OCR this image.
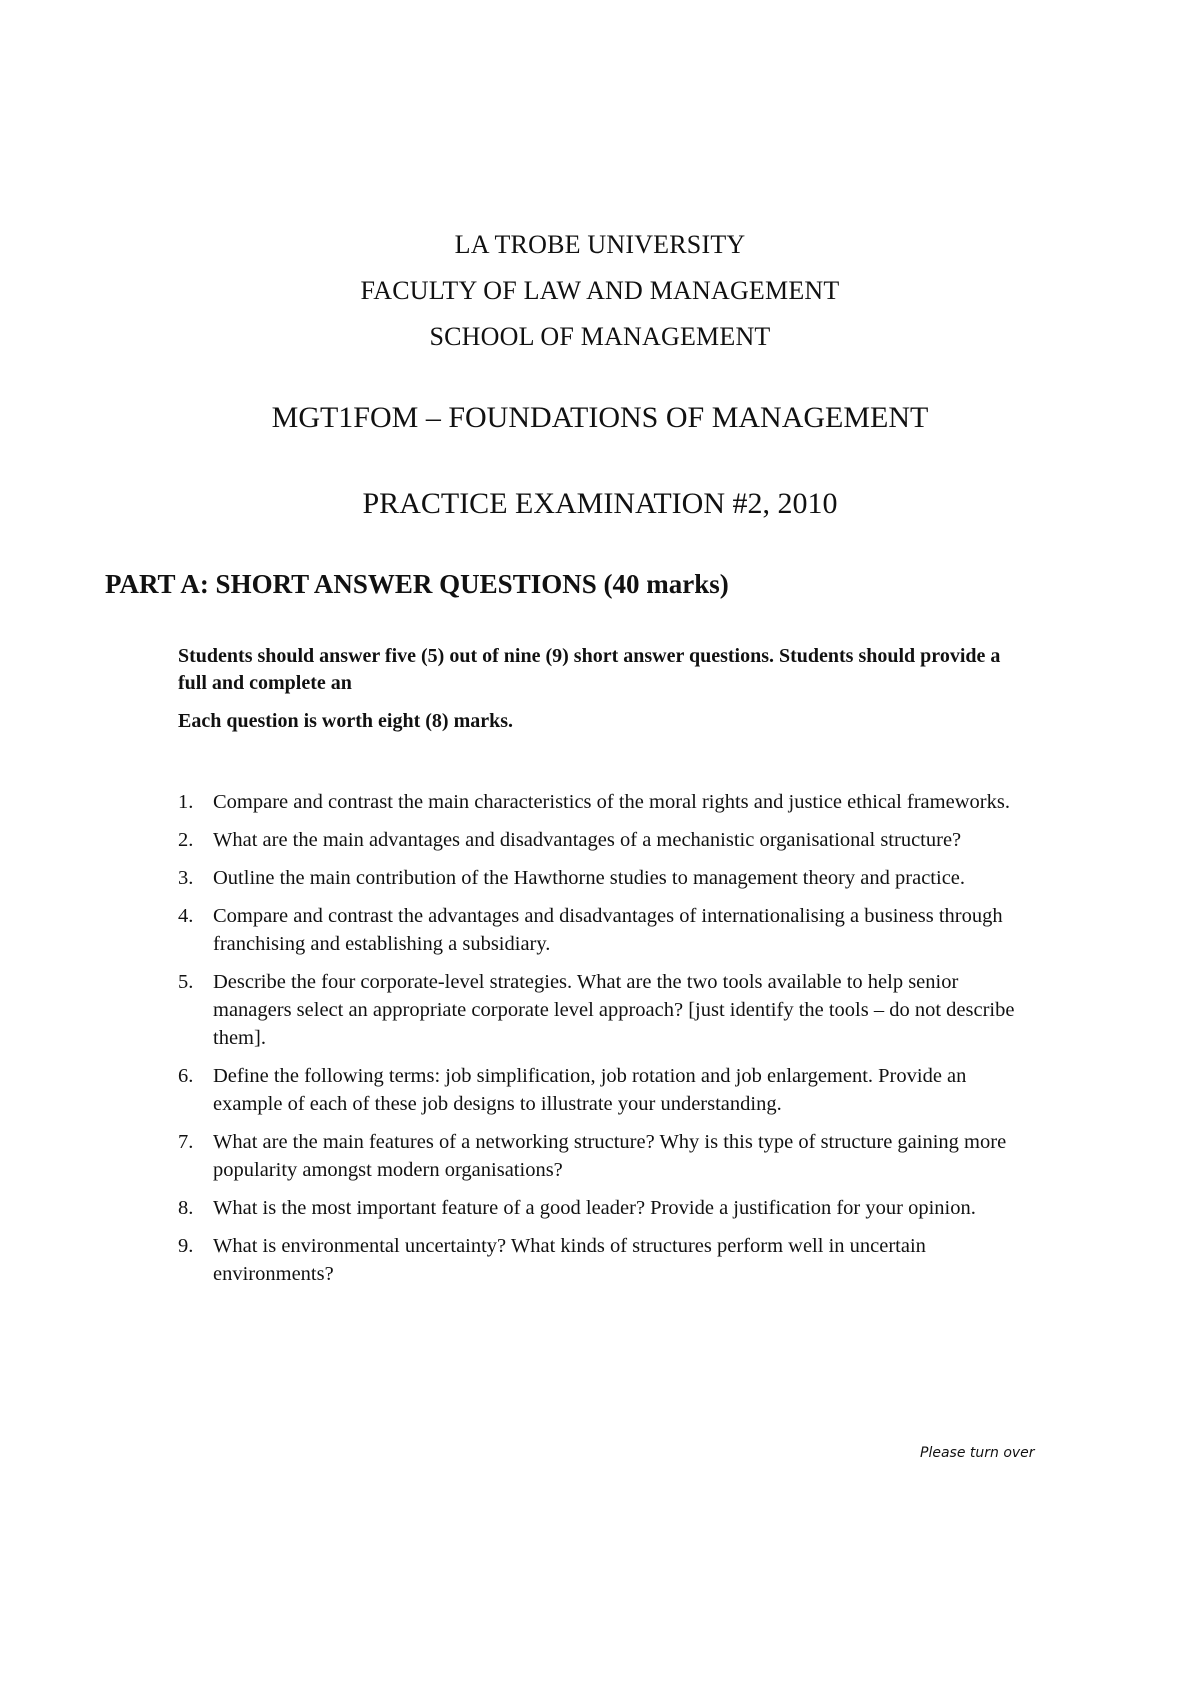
LA TROBE UNIVERSITY
FACULTY OF LAW AND MANAGEMENT
SCHOOL OF MANAGEMENT
MGT1FOM – FOUNDATIONS OF MANAGEMENT
PRACTICE EXAMINATION #2, 2010
PART A: SHORT ANSWER QUESTIONS (40 marks)

Students should answer five (5) out of nine (9) short answer questions. Students should provide a full and complete an

Each question is worth eight (8) marks.

1. Compare and contrast the main characteristics of the moral rights and justice ethical frameworks.
2. What are the main advantages and disadvantages of a mechanistic organisational structure?
3. Outline the main contribution of the Hawthorne studies to management theory and practice.
4. Compare and contrast the advantages and disadvantages of internationalising a business through franchising and establishing a subsidiary.
5. Describe the four corporate-level strategies. What are the two tools available to help senior managers select an appropriate corporate level approach? [just identify the tools – do not describe them].
6. Define the following terms: job simplification, job rotation and job enlargement. Provide an example of each of these job designs to illustrate your understanding.
7. What are the main features of a networking structure? Why is this type of structure gaining more popularity amongst modern organisations?
8. What is the most important feature of a good leader? Provide a justification for your opinion.
9. What is environmental uncertainty? What kinds of structures perform well in uncertain environments?
Please turn over
